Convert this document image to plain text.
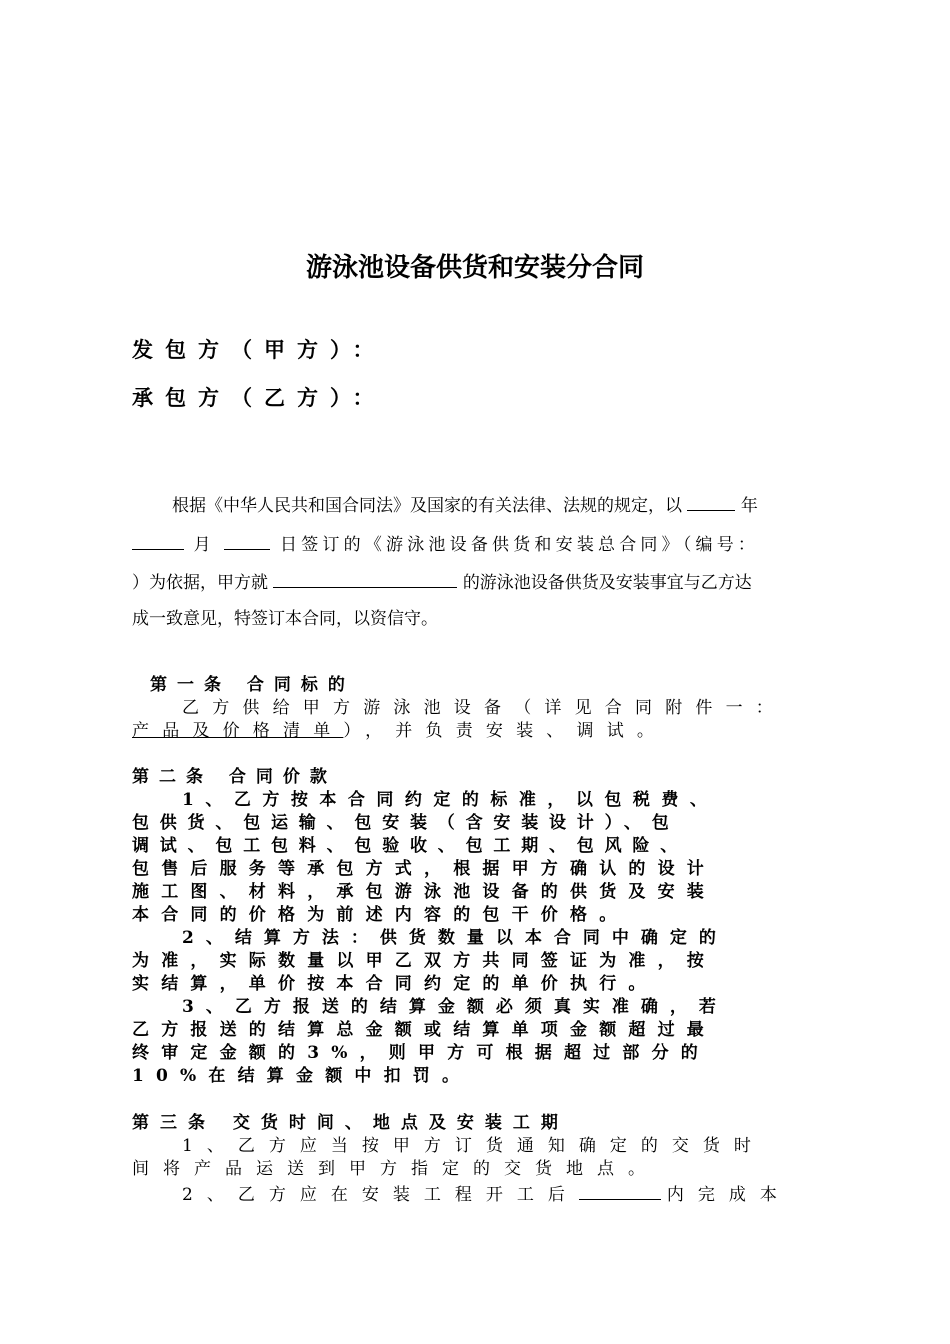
游泳池设备供货和安装分合同
发包方（甲方）：
承包方（乙方）：
根据《中华人民共和国合同法》及国家的有关法律、法规的规定，以	年
月	日签订的《游泳池设备供货和安装总合同》（编号：
）为依据，甲方就	的游泳池设备供货及安装事宜与乙方达
成一致意见，特签订本合同，以资信守。
第一条 合同标的
乙方供给甲方游泳池设备（详见合同附件一：
产品及价格清单），并负责安装、调试。
第二条 合同价款
1、乙方按本合同约定的标准，以包税费、
包供货、包运输、包安装（含安装设计）、包
调试、包工包料、包验收、包工期、包风险、
包售后服务等承包方式，根据甲方确认的设计
施工图、材料，承包游泳池设备的供货及安装
本合同的价格为前述内容的包干价格。
2、结算方法：供货数量以本合同中确定的
为准，实际数量以甲乙双方共同签证为准，按
实结算，单价按本合同约定的单价执行。
3、乙方报送的结算金额必须真实准确，若
乙方报送的结算总金额或结算单项金额超过最
终审定金额的3%，则甲方可根据超过部分的
10%在结算金额中扣罚。
第三条 交货时间、地点及安装工期
1、乙方应当按甲方订货通知确定的交货时
间将产品运送到甲方指定的交货地点。
2、乙方应在安装工程开工后	内完成本
